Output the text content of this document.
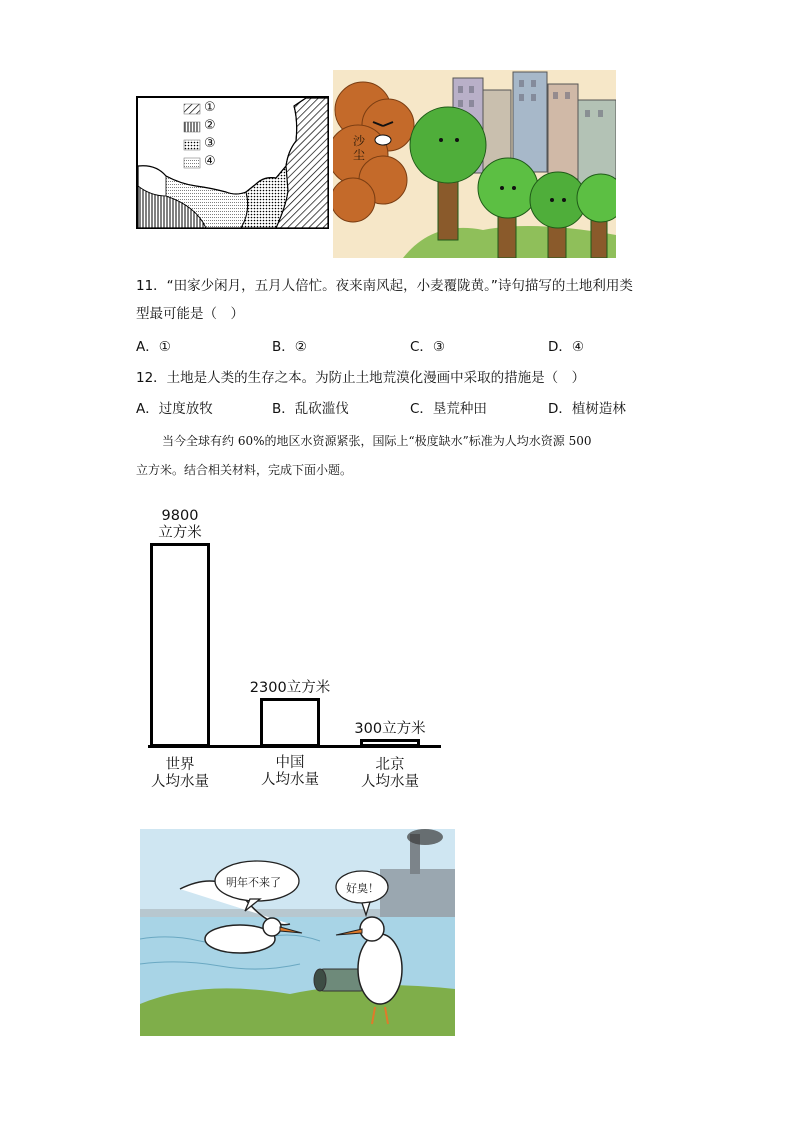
①
②
③
④
沙尘
11．“田家少闲月，五月人倍忙。夜来南风起，小麦覆陇黄。”诗句描写的土地利用类
型最可能是（　）
A．①	B．②	C．③	D．④
12．土地是人类的生存之本。为防止土地荒漠化漫画中采取的措施是（　）
A．过度放牧	B．乱砍滥伐	C．垦荒种田	D．植树造林
当今全球有约 60%的地区水资源紧张，国际上“极度缺水”标准为人均水资源 500
立方米。结合相关材料，完成下面小题。
9800
立方米
世界
人均水量
2300立方米
中国
人均水量
300立方米
北京
人均水量
明年不来了	好臭！
